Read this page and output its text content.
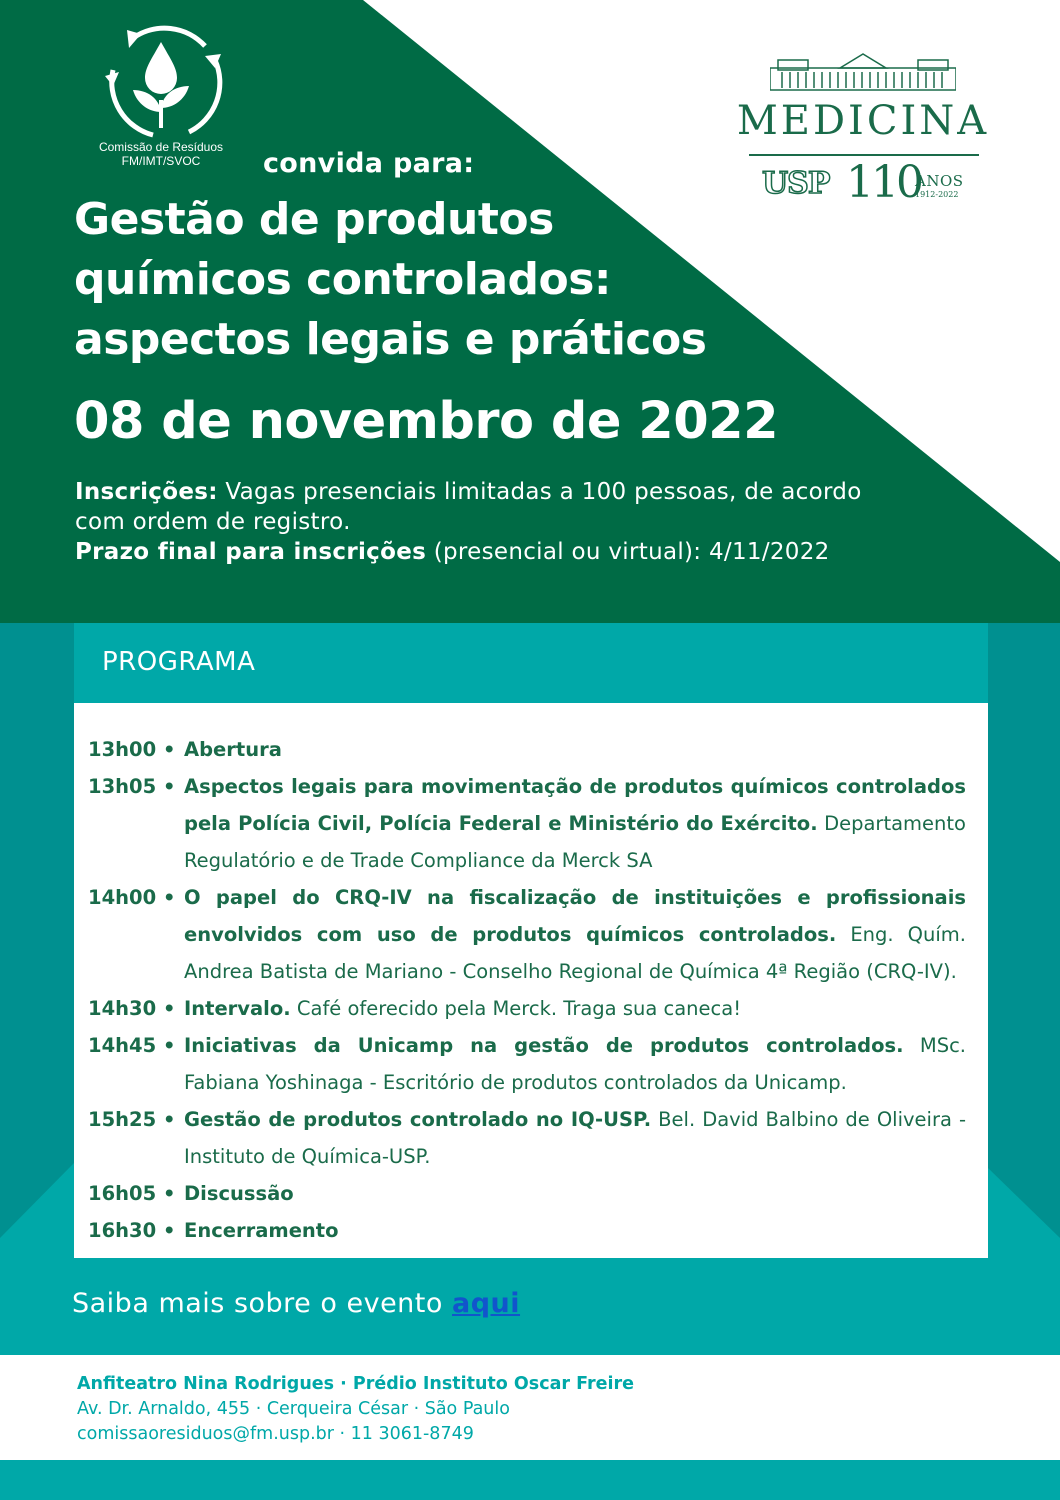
Comissão de Resíduos
FM/IMT/SVOC	convida para:
Gestão de produtos
químicos controlados:
aspectos legais e práticos
08 de novembro de 2022
Inscrições: Vagas presenciais limitadas a 100 pessoas, de acordo com ordem de registro.
Prazo final para inscrições (presencial ou virtual): 4/11/2022
MEDICINA
USP 110
ANOS
1912-2022
PROGRAMA
13h00 • Abertura
13h05 • Aspectos legais para movimentação de produtos químicos controlados pela Polícia Civil, Polícia Federal e Ministério do Exército. Departamento Regulatório e de Trade Compliance da Merck SA
14h00 • O papel do CRQ-IV na fiscalização de instituições e profissionais envolvidos com uso de produtos químicos controlados. Eng. Quím. Andrea Batista de Mariano - Conselho Regional de Química 4ª Região (CRQ-IV).
14h30 • Intervalo. Café oferecido pela Merck. Traga sua caneca!
14h45 • Iniciativas da Unicamp na gestão de produtos controlados. MSc. Fabiana Yoshinaga - Escritório de produtos controlados da Unicamp.
15h25 • Gestão de produtos controlado no IQ-USP. Bel. David Balbino de Oliveira - Instituto de Química-USP.
16h05 • Discussão
16h30 • Encerramento
Saiba mais sobre o evento aqui
Anfiteatro Nina Rodrigues · Prédio Instituto Oscar Freire
Av. Dr. Arnaldo, 455 · Cerqueira César · São Paulo
comissaoresiduos@fm.usp.br · 11 3061-8749
